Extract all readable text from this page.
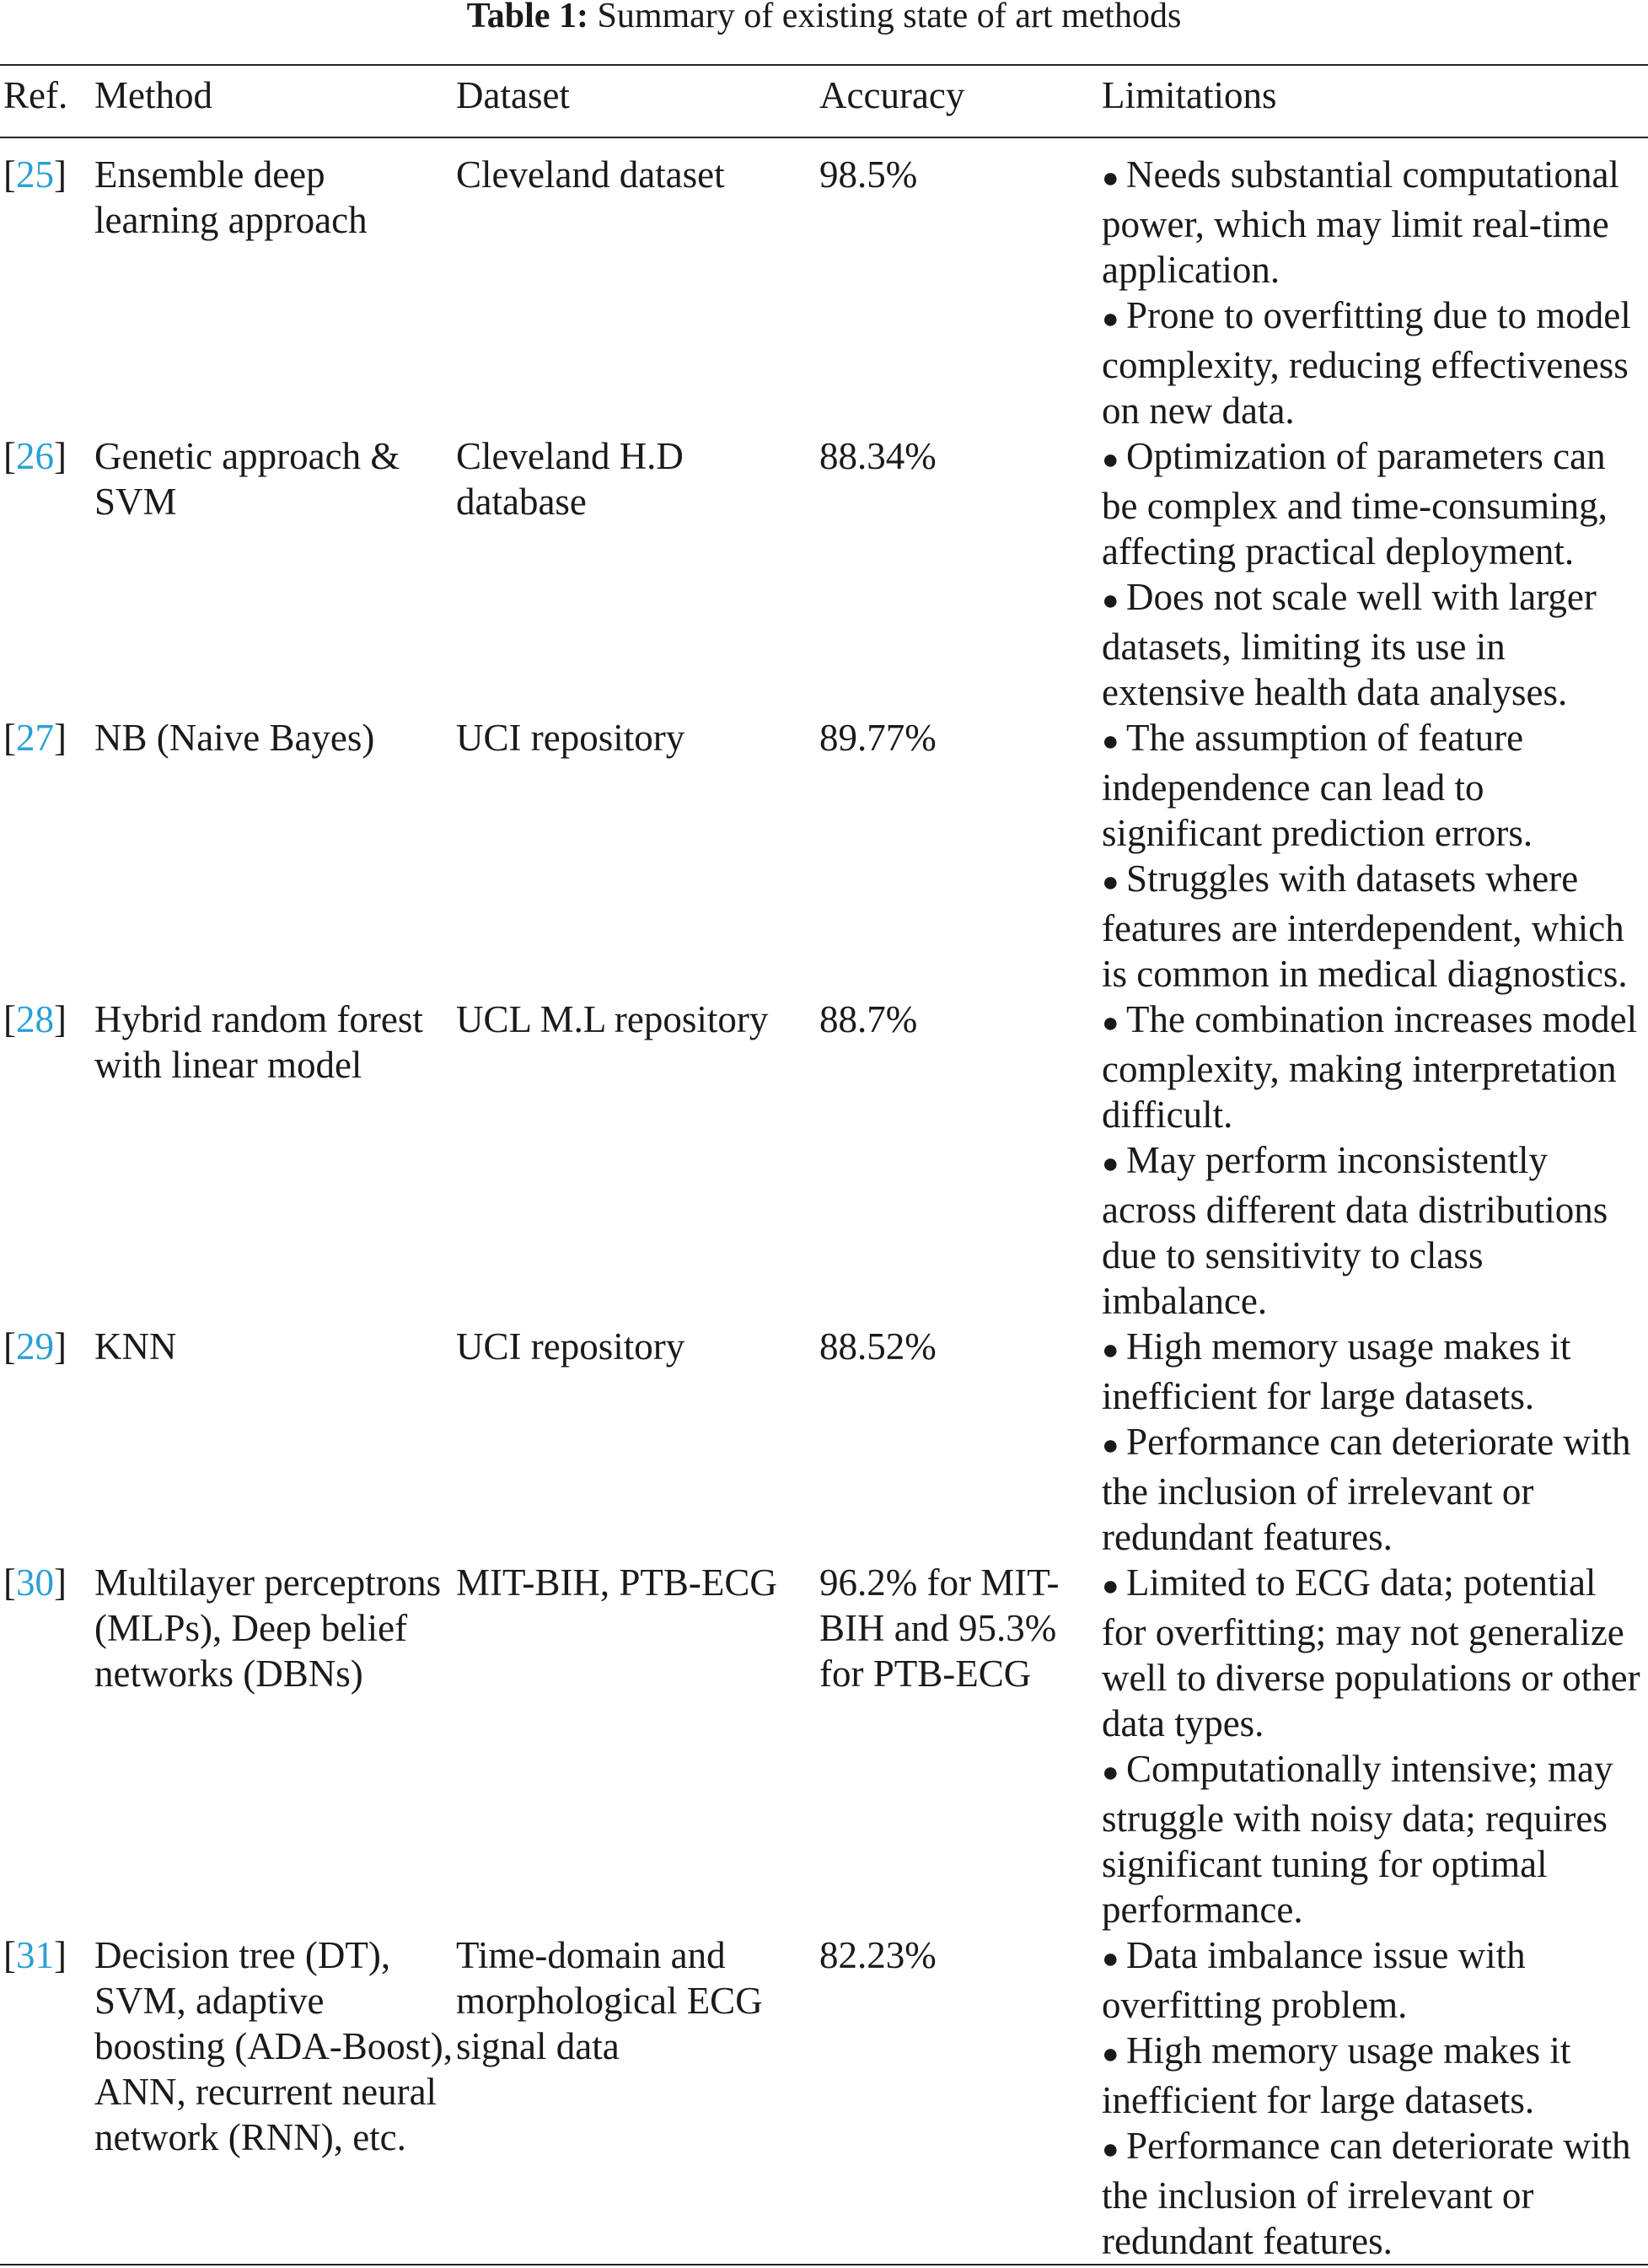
Table 1: Summary of existing state of art methods
Ref.	Method	Dataset	Accuracy	Limitations
[25]	Ensemble deep learning approach	Cleveland dataset	98.5%	● Needs substantial computational power, which may limit real-time application.
● Prone to overfitting due to model complexity, reducing effectiveness on new data.

[26]	Genetic approach & SVM	Cleveland H.D database	88.34%	● Optimization of parameters can be complex and time-consuming, affecting practical deployment.
● Does not scale well with larger datasets, limiting its use in extensive health data analyses.

[27]	NB (Naive Bayes)	UCI repository	89.77%	● The assumption of feature independence can lead to significant prediction errors.
● Struggles with datasets where features are interdependent, which is common in medical diagnostics.

[28]	Hybrid random forest with linear model	UCL M.L repository	88.7%	● The combination increases model complexity, making interpretation difficult.
● May perform inconsistently across different data distributions due to sensitivity to class imbalance.

[29]	KNN	UCI repository	88.52%	● High memory usage makes it inefficient for large datasets.
● Performance can deteriorate with the inclusion of irrelevant or redundant features.

[30]	Multilayer perceptrons (MLPs), Deep belief networks (DBNs)	MIT-BIH, PTB-ECG	96.2% for MIT-BIH and 95.3% for PTB-ECG	● Limited to ECG data; potential for overfitting; may not generalize well to diverse populations or other data types.
● Computationally intensive; may struggle with noisy data; requires significant tuning for optimal performance.

[31]	Decision tree (DT), SVM, adaptive boosting (ADA-Boost), ANN, recurrent neural network (RNN), etc.	Time-domain and morphological ECG signal data	82.23%	● Data imbalance issue with overfitting problem.
● High memory usage makes it inefficient for large datasets.
● Performance can deteriorate with the inclusion of irrelevant or redundant features.
